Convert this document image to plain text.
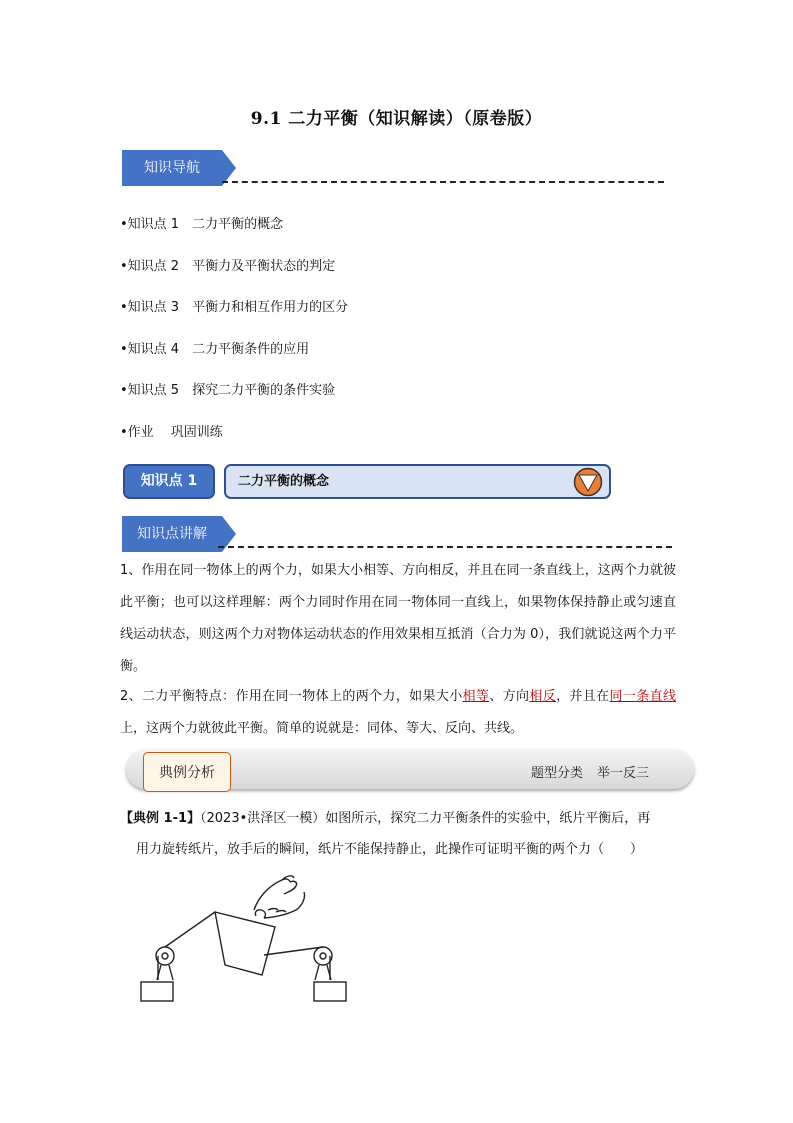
9.1 二力平衡（知识解读）（原卷版）
知识导航
•知识点 1　二力平衡的概念
•知识点 2　平衡力及平衡状态的判定
•知识点 3　平衡力和相互作用力的区分
•知识点 4　二力平衡条件的应用
•知识点 5　探究二力平衡的条件实验
•作业　 巩固训练
知识点 1	二力平衡的概念
知识点讲解
1、作用在同一物体上的两个力，如果大小相等、方向相反，并且在同一条直线上，这两个力就彼此平衡；也可以这样理解：两个力同时作用在同一物体同一直线上，如果物体保持静止或匀速直线运动状态，则这两个力对物体运动状态的作用效果相互抵消（合力为 0），我们就说这两个力平衡。
2、二力平衡特点：作用在同一物体上的两个力，如果大小相等、方向相反，并且在同一条直线上，这两个力就彼此平衡。简单的说就是：同体、等大、反向、共线。
典例分析	题型分类 举一反三
【典例 1-1】（2023•洪泽区一模）如图所示，探究二力平衡条件的实验中，纸片平衡后，再
用力旋转纸片，放手后的瞬间，纸片不能保持静止，此操作可证明平衡的两个力（　　）
